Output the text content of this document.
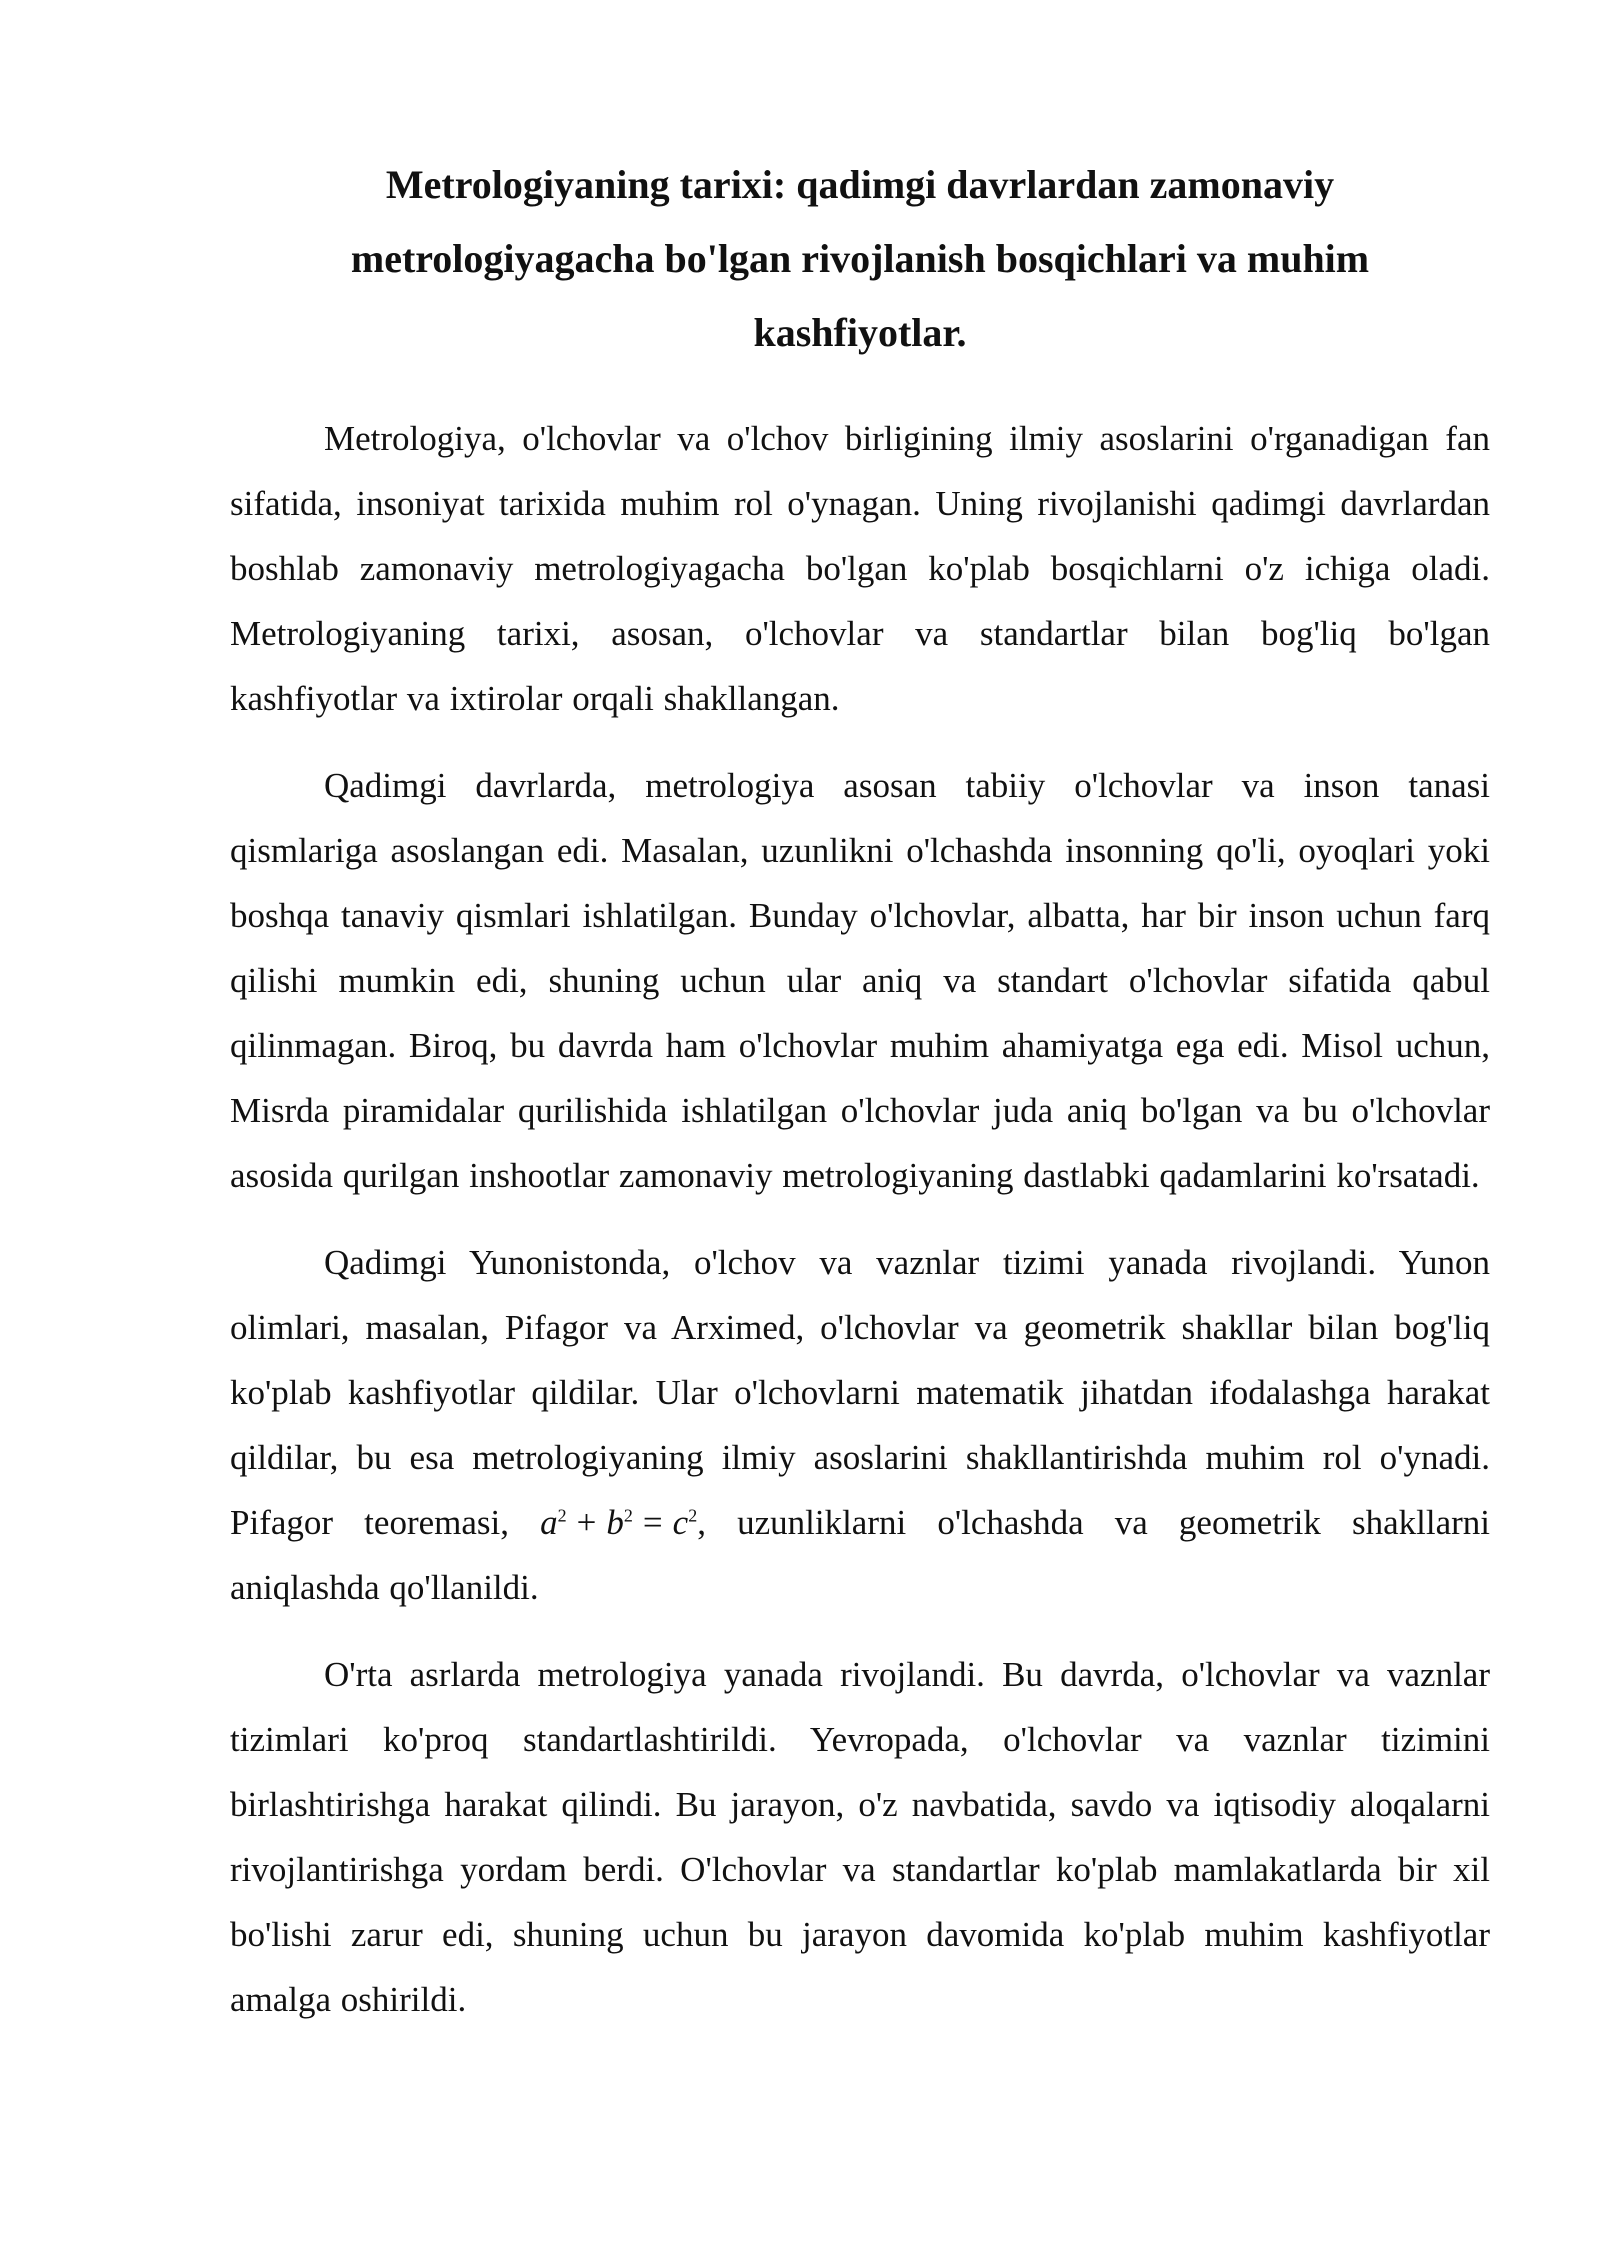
Metrologiyaning tarixi: qadimgi davrlardan zamonaviy metrologiyagacha bo'lgan rivojlanish bosqichlari va muhim kashfiyotlar.

Metrologiya, o'lchovlar va o'lchov birligining ilmiy asoslarini o'rganadigan fan sifatida, insoniyat tarixida muhim rol o'ynagan. Uning rivojlanishi qadimgi davrlardan boshlab zamonaviy metrologiyagacha bo'lgan ko'plab bosqichlarni o'z ichiga oladi. Metrologiyaning tarixi, asosan, o'lchovlar va standartlar bilan bog'liq bo'lgan kashfiyotlar va ixtirolar orqali shakllangan.

Qadimgi davrlarda, metrologiya asosan tabiiy o'lchovlar va inson tanasi qismlariga asoslangan edi. Masalan, uzunlikni o'lchashda insonning qo'li, oyoqlari yoki boshqa tanaviy qismlari ishlatilgan. Bunday o'lchovlar, albatta, har bir inson uchun farq qilishi mumkin edi, shuning uchun ular aniq va standart o'lchovlar sifatida qabul qilinmagan. Biroq, bu davrda ham o'lchovlar muhim ahamiyatga ega edi. Misol uchun, Misrda piramidalar qurilishida ishlatilgan o'lchovlar juda aniq bo'lgan va bu o'lchovlar asosida qurilgan inshootlar zamonaviy metrologiyaning dastlabki qadamlarini ko'rsatadi.

Qadimgi Yunonistonda, o'lchov va vaznlar tizimi yanada rivojlandi. Yunon olimlari, masalan, Pifagor va Arximed, o'lchovlar va geometrik shakllar bilan bog'liq ko'plab kashfiyotlar qildilar. Ular o'lchovlarni matematik jihatdan ifodalashga harakat qildilar, bu esa metrologiyaning ilmiy asoslarini shakllantirishda muhim rol o'ynadi. Pifagor teoremasi, $a^2 + b^2 = c^2$, uzunliklarni o'lchashda va geometrik shakllarni aniqlashda qo'llanildi.

O'rta asrlarda metrologiya yanada rivojlandi. Bu davrda, o'lchovlar va vaznlar tizimlari ko'proq standartlashtirildi. Yevropada, o'lchovlar va vaznlar tizimini birlashtirishga harakat qilindi. Bu jarayon, o'z navbatida, savdo va iqtisodiy aloqalarni rivojlantirishga yordam berdi. O'lchovlar va standartlar ko'plab mamlakatlarda bir xil bo'lishi zarur edi, shuning uchun bu jarayon davomida ko'plab muhim kashfiyotlar amalga oshirildi.
